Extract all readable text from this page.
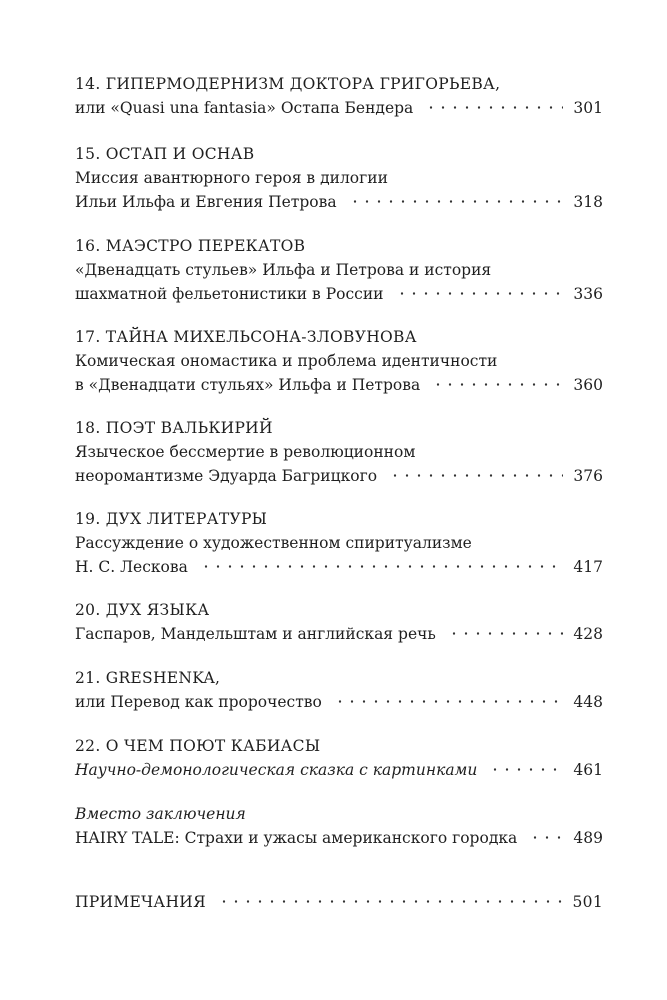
14. ГИПЕРМОДЕРНИЗМ ДОКТОРА ГРИГОРЬЕВА,
или «Quasi una fantasia» Остапа Бендера	301
15. ОСТАП И ОСНАВ
Миссия авантюрного героя в дилогии
Ильи Ильфа и Евгения Петрова	318
16. МАЭСТРО ПЕРЕКАТОВ
«Двенадцать стульев» Ильфа и Петрова и история
шахматной фельетонистики в России	336
17. ТАЙНА МИХЕЛЬСОНА-ЗЛОВУНОВА
Комическая ономастика и проблема идентичности
в «Двенадцати стульях» Ильфа и Петрова	360
18. ПОЭТ ВАЛЬКИРИЙ
Языческое бессмертие в революционном
неоромантизме Эдуарда Багрицкого	376
19. ДУХ ЛИТЕРАТУРЫ
Рассуждение о художественном спиритуализме
Н. С. Лескова	417
20. ДУХ ЯЗЫКА
Гаспаров, Мандельштам и английская речь	428
21. GRESHENKA,
или Перевод как пророчество	448
22. О ЧЕМ ПОЮТ КАБИАСЫ
Научно-демонологическая сказка с картинками	461
Вместо заключения
HAIRY TALE: Страхи и ужасы американского городка	489
ПРИМЕЧАНИЯ	501
